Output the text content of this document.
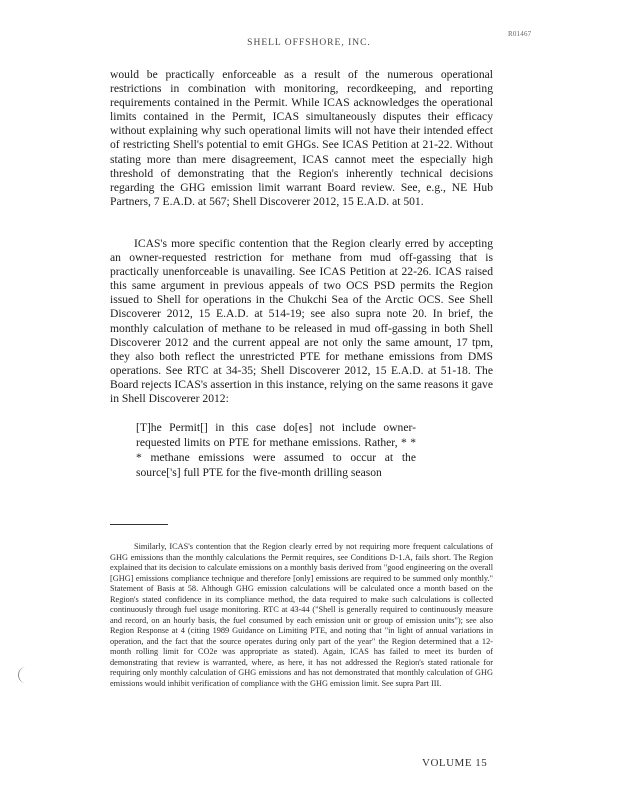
R01467
SHELL OFFSHORE, INC.

would be practically enforceable as a result of the numerous operational restrictions in combination with monitoring, recordkeeping, and reporting requirements contained in the Permit. While ICAS acknowledges the operational limits contained in the Permit, ICAS simultaneously disputes their efficacy without explaining why such operational limits will not have their intended effect of restricting Shell's potential to emit GHGs. See ICAS Petition at 21-22. Without stating more than mere disagreement, ICAS cannot meet the especially high threshold of demonstrating that the Region's inherently technical decisions regarding the GHG emission limit warrant Board review. See, e.g., NE Hub Partners, 7 E.A.D. at 567; Shell Discoverer 2012, 15 E.A.D. at 501.

ICAS's more specific contention that the Region clearly erred by accepting an owner-requested restriction for methane from mud off-gassing that is practically unenforceable is unavailing. See ICAS Petition at 22-26. ICAS raised this same argument in previous appeals of two OCS PSD permits the Region issued to Shell for operations in the Chukchi Sea of the Arctic OCS. See Shell Discoverer 2012, 15 E.A.D. at 514-19; see also supra note 20. In brief, the monthly calculation of methane to be released in mud off-gassing in both Shell Discoverer 2012 and the current appeal are not only the same amount, 17 tpm, they also both reflect the unrestricted PTE for methane emissions from DMS operations. See RTC at 34-35; Shell Discoverer 2012, 15 E.A.D. at 51-18. The Board rejects ICAS's assertion in this instance, relying on the same reasons it gave in Shell Discoverer 2012:

[T]he Permit[] in this case do[es] not include owner-requested limits on PTE for methane emissions. Rather, * * * methane emissions were assumed to occur at the source['s] full PTE for the five-month drilling season
Similarly, ICAS's contention that the Region clearly erred by not requiring more frequent calculations of GHG emissions than the monthly calculations the Permit requires, see Conditions D-1.A, fails short. The Region explained that its decision to calculate emissions on a monthly basis derived from "good engineering on the overall [GHG] emissions compliance technique and therefore [only] emissions are required to be summed only monthly." Statement of Basis at 58. Although GHG emission calculations will be calculated once a month based on the Region's stated confidence in its compliance method, the data required to make such calculations is collected continuously through fuel usage monitoring. RTC at 43-44 ("Shell is generally required to continuously measure and record, on an hourly basis, the fuel consumed by each emission unit or group of emission units"); see also Region Response at 4 (citing 1989 Guidance on Limiting PTE, and noting that "in light of annual variations in operation, and the fact that the source operates during only part of the year" the Region determined that a 12-month rolling limit for CO2e was appropriate as stated). Again, ICAS has failed to meet its burden of demonstrating that review is warranted, where, as here, it has not addressed the Region's stated rationale for requiring only monthly calculation of GHG emissions and has not demonstrated that monthly calculation of GHG emissions would inhibit verification of compliance with the GHG emission limit. See supra Part III.
VOLUME 15
